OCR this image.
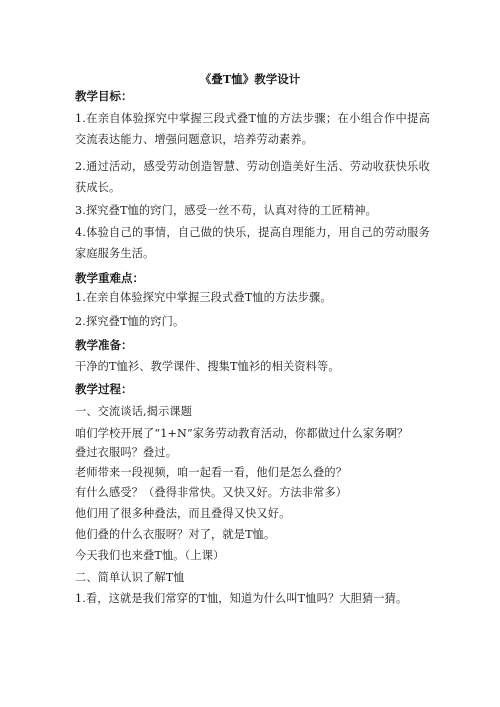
《叠T恤》教学设计
教学目标：
1.在亲自体验探究中掌握三段式叠T恤的方法步骤；在小组合作中提高交流表达能力、增强问题意识，培养劳动素养。
2.通过活动，感受劳动创造智慧、劳动创造美好生活、劳动收获快乐收获成长。
3.探究叠T恤的窍门，感受一丝不苟，认真对待的工匠精神。
4.体验自己的事情，自己做的快乐，提高自理能力，用自己的劳动服务家庭服务生活。
教学重难点：
1.在亲自体验探究中掌握三段式叠T恤的方法步骤。
2.探究叠T恤的窍门。
教学准备：
干净的T恤衫、教学课件、搜集T恤衫的相关资料等。
教学过程：
一、交流谈话,揭示课题
咱们学校开展了“1+N”家务劳动教育活动，你都做过什么家务啊？
叠过衣服吗？叠过。
老师带来一段视频，咱一起看一看，他们是怎么叠的？
有什么感受？（叠得非常快。又快又好。方法非常多）
他们用了很多种叠法，而且叠得又快又好。
他们叠的什么衣服呀？对了，就是T恤。
今天我们也来叠T恤。（上课）
二、简单认识了解T恤
1.看，这就是我们常穿的T恤，知道为什么叫T恤吗？大胆猜一猜。
